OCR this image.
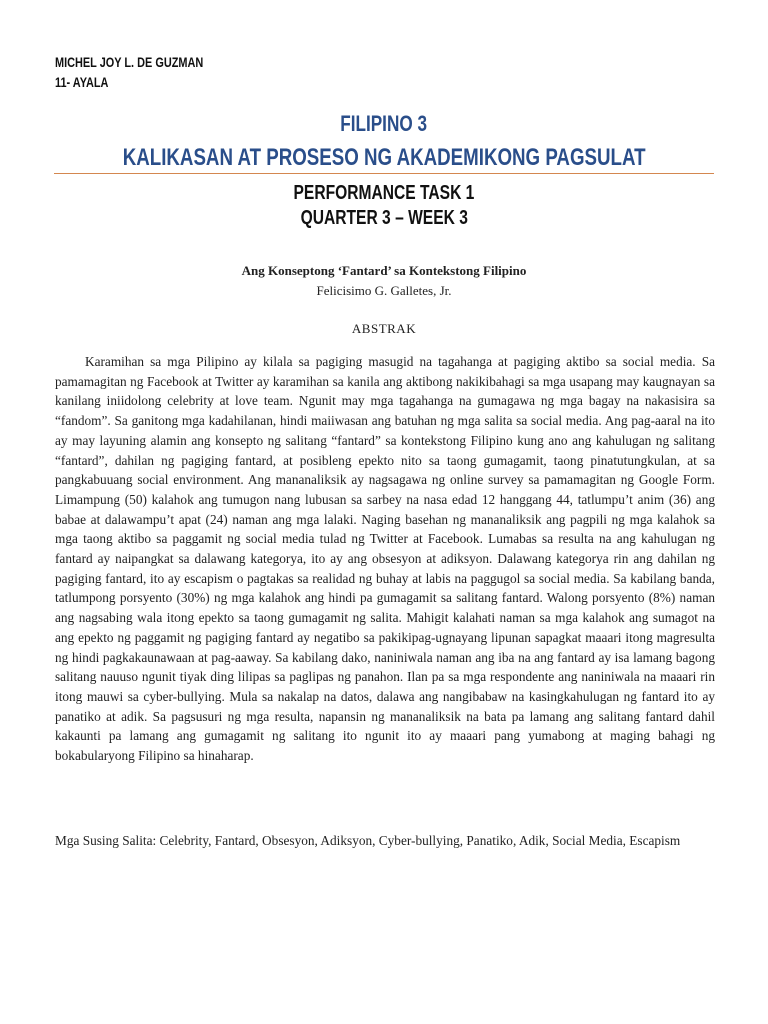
MICHEL JOY L. DE GUZMAN
11- AYALA
FILIPINO 3
KALIKASAN AT PROSESO NG AKADEMIKONG PAGSULAT
PERFORMANCE TASK 1
QUARTER 3 – WEEK 3
Ang Konseptong ‘Fantard’ sa Kontekstong Filipino
Felicisimo G. Galletes, Jr.
ABSTRAK

Karamihan sa mga Pilipino ay kilala sa pagiging masugid na tagahanga at pagiging aktibo sa social media. Sa pamamagitan ng Facebook at Twitter ay karamihan sa kanila ang aktibong nakikibahagi sa mga usapang may kaugnayan sa kanilang iniidolong celebrity at love team. Ngunit may mga tagahanga na gumagawa ng mga bagay na nakasisira sa “fandom”. Sa ganitong mga kadahilanan, hindi maiiwasan ang batuhan ng mga salita sa social media. Ang pag-aaral na ito ay may layuning alamin ang konsepto ng salitang “fantard” sa kontekstong Filipino kung ano ang kahulugan ng salitang “fantard”, dahilan ng pagiging fantard, at posibleng epekto nito sa taong gumagamit, taong pinatutungkulan, at sa pangkabuuang social environment. Ang mananaliksik ay nagsagawa ng online survey sa pamamagitan ng Google Form. Limampung (50) kalahok ang tumugon nang lubusan sa sarbey na nasa edad 12 hanggang 44, tatlumpu’t anim (36) ang babae at dalawampu’t apat (24) naman ang mga lalaki. Naging basehan ng mananaliksik ang pagpili ng mga kalahok sa mga taong aktibo sa paggamit ng social media tulad ng Twitter at Facebook. Lumabas sa resulta na ang kahulugan ng fantard ay naipangkat sa dalawang kategorya, ito ay ang obsesyon at adiksyon. Dalawang kategorya rin ang dahilan ng pagiging fantard, ito ay escapism o pagtakas sa realidad ng buhay at labis na paggugol sa social media. Sa kabilang banda, tatlumpong porsyento (30%) ng mga kalahok ang hindi pa gumagamit sa salitang fantard. Walong porsyento (8%) naman ang nagsabing wala itong epekto sa taong gumagamit ng salita. Mahigit kalahati naman sa mga kalahok ang sumagot na ang epekto ng paggamit ng pagiging fantard ay negatibo sa pakikipag-ugnayang lipunan sapagkat maaari itong magresulta ng hindi pagkakaunawaan at pag-aaway. Sa kabilang dako, naniniwala naman ang iba na ang fantard ay isa lamang bagong salitang nauuso ngunit tiyak ding lilipas sa paglipas ng panahon. Ilan pa sa mga respondente ang naniniwala na maaari rin itong mauwi sa cyber-bullying. Mula sa nakalap na datos, dalawa ang nangibabaw na kasingkahulugan ng fantard ito ay panatiko at adik. Sa pagsusuri ng mga resulta, napansin ng mananaliksik na bata pa lamang ang salitang fantard dahil kakaunti pa lamang ang gumagamit ng salitang ito ngunit ito ay maaari pang yumabong at maging bahagi ng bokabularyong Filipino sa hinaharap.

Mga Susing Salita: Celebrity, Fantard, Obsesyon, Adiksyon, Cyber-bullying, Panatiko, Adik, Social Media, Escapism
